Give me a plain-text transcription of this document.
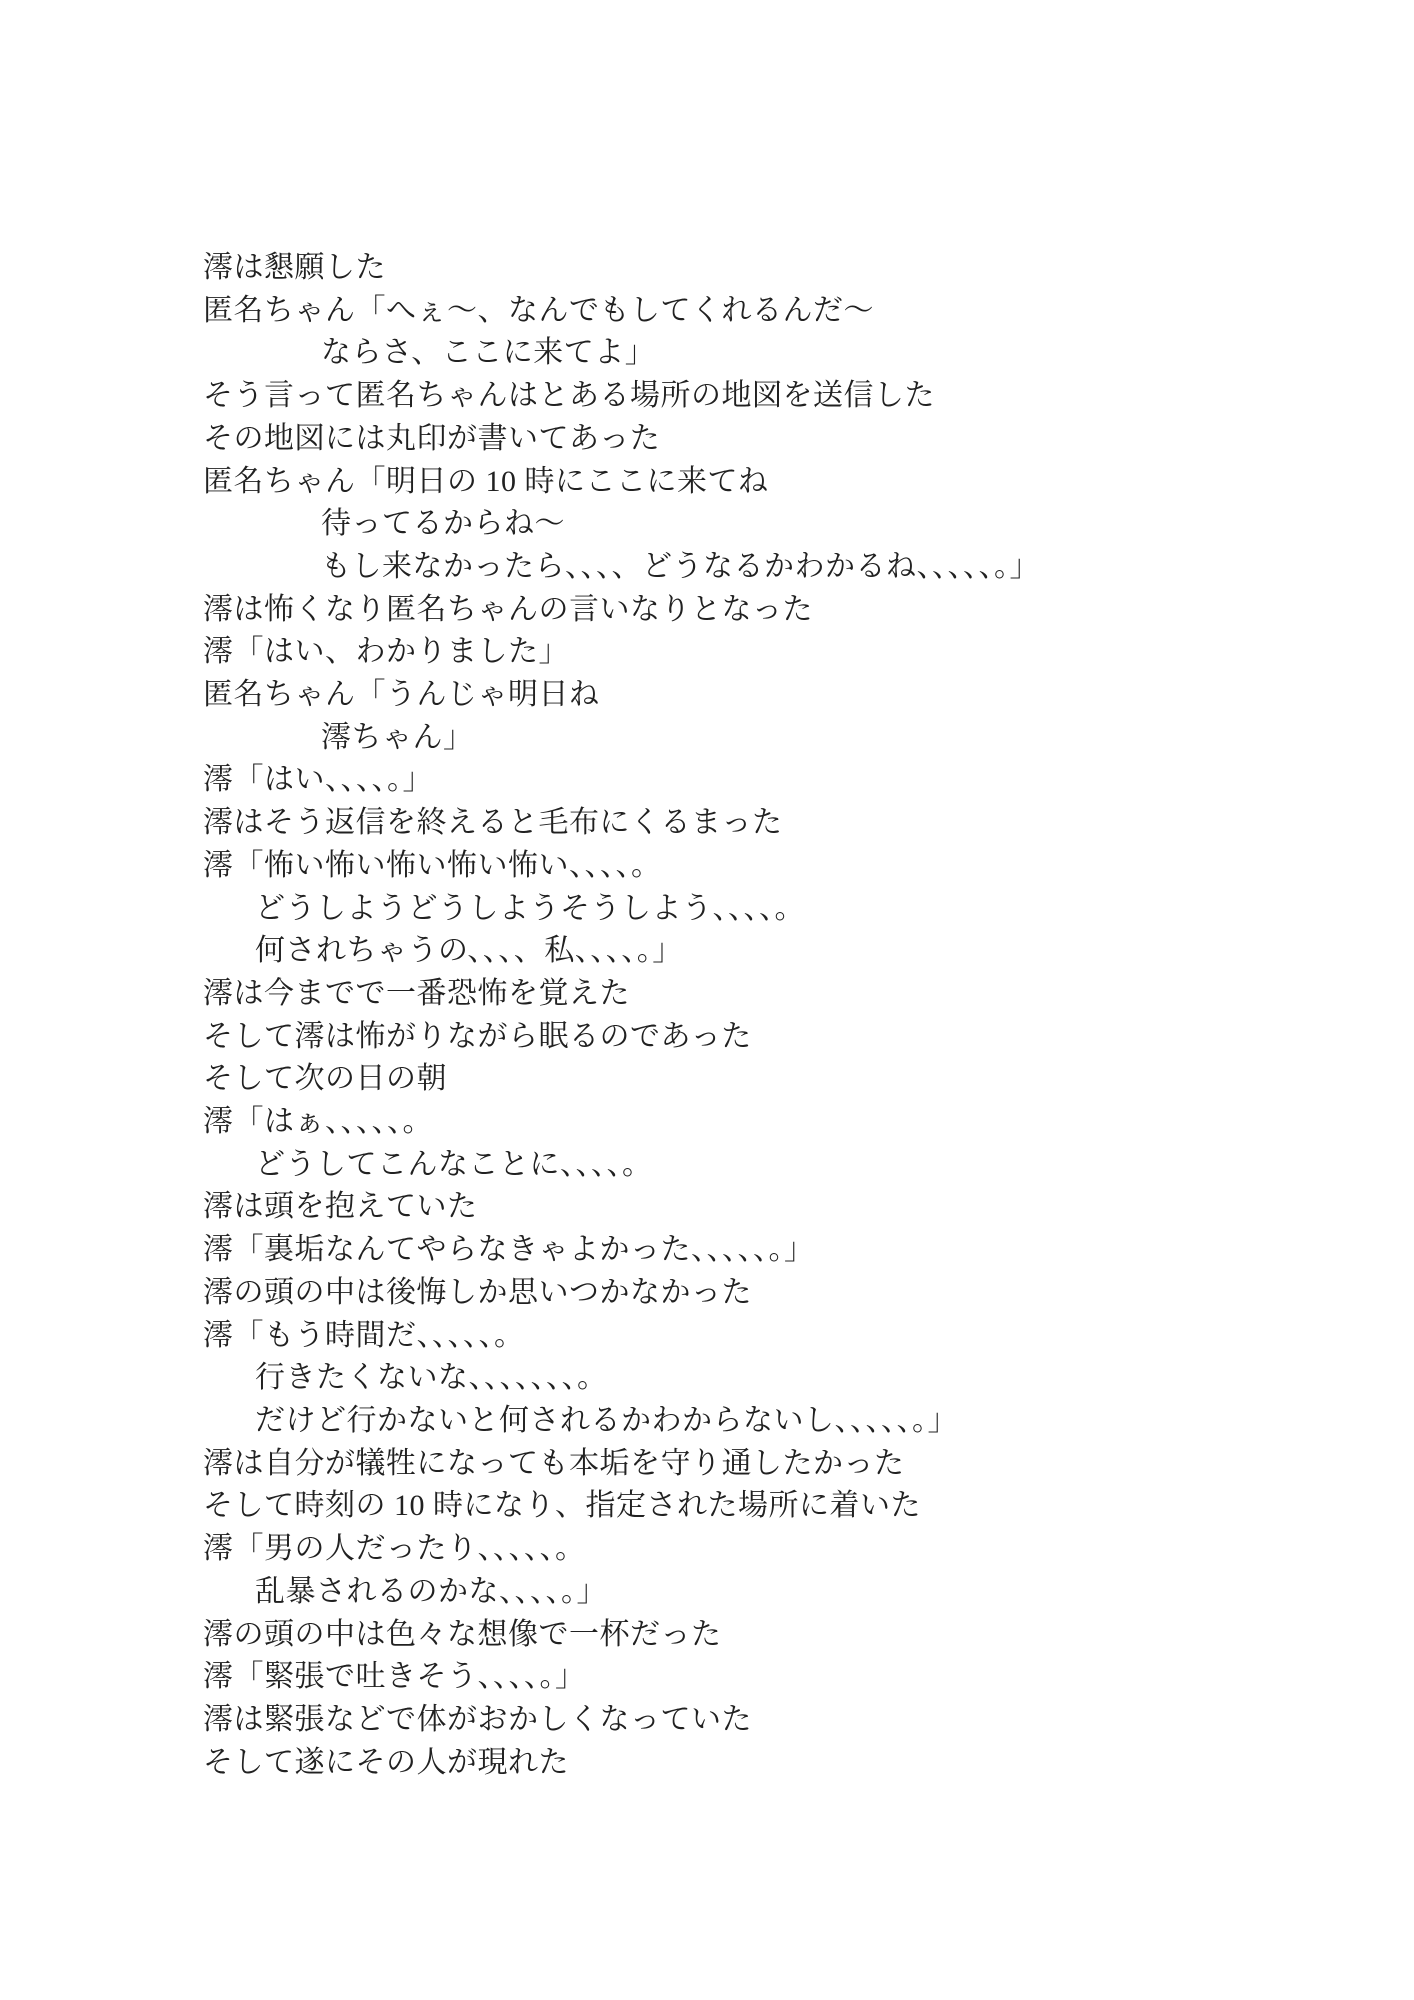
澪は懇願した
匿名ちゃん「へぇ～、なんでもしてくれるんだ～
ならさ、ここに来てよ」
そう言って匿名ちゃんはとある場所の地図を送信した
その地図には丸印が書いてあった
匿名ちゃん「明日の 10 時にここに来てね
待ってるからね～
もし来なかったら、、、、どうなるかわかるね、、、、、。」
澪は怖くなり匿名ちゃんの言いなりとなった
澪「はい、わかりました」
匿名ちゃん「うんじゃ明日ね
澪ちゃん」
澪「はい、、、、。」
澪はそう返信を終えると毛布にくるまった
澪「怖い怖い怖い怖い怖い、、、、。
どうしようどうしようそうしよう、、、、。
何されちゃうの、、、、私、、、、。」
澪は今までで一番恐怖を覚えた
そして澪は怖がりながら眠るのであった
そして次の日の朝
澪「はぁ、、、、、。
どうしてこんなことに、、、、。
澪は頭を抱えていた
澪「裏垢なんてやらなきゃよかった、、、、、。」
澪の頭の中は後悔しか思いつかなかった
澪「もう時間だ、、、、、。
行きたくないな、、、、、、、。
だけど行かないと何されるかわからないし、、、、、。」
澪は自分が犠牲になっても本垢を守り通したかった
そして時刻の 10 時になり、指定された場所に着いた
澪「男の人だったり、、、、、。
乱暴されるのかな、、、、。」
澪の頭の中は色々な想像で一杯だった
澪「緊張で吐きそう、、、、。」
澪は緊張などで体がおかしくなっていた
そして遂にその人が現れた
